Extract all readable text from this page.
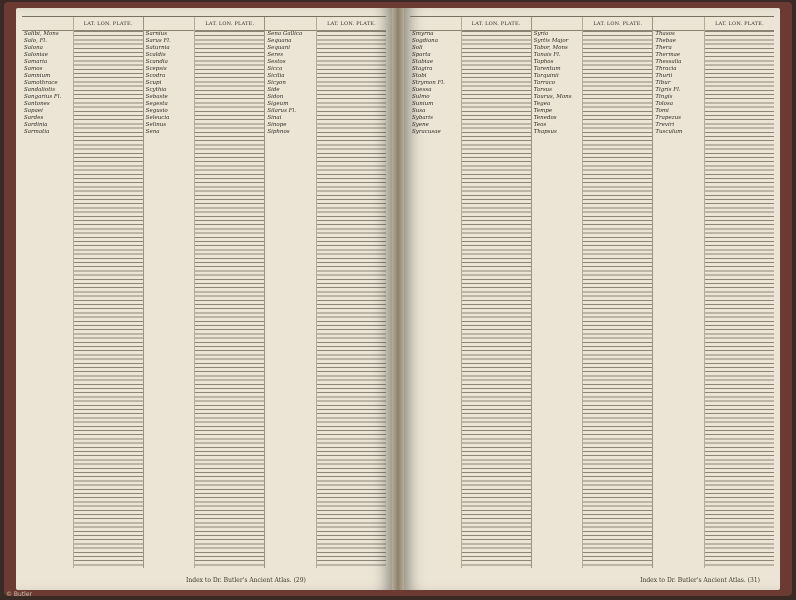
Salibi, Mons
Salo, Fl.
Salona
Saloniae
Samaria
Samos
Samnium
Samothrace
Sandaliotis
Sangarius Fl.
Santones
Sapaei
Sardes
Sardinia
Sarmatia
LAT. LON. PLATE.
Sarnius
Sarus Fl.
Saturnia
Scaldis
Scandia
Scepsis
Scodra
Scupi
Scythia
Sebaste
Segesta
Segusio
Seleucia
Selinus
Sena
LAT. LON. PLATE.
Sena Gallica
Sequana
Sequani
Seres
Sestos
Sicca
Sicilia
Sicyon
Side
Sidon
Sigeum
Silarus Fl.
Sinai
Sinope
Siphnos
LAT. LON. PLATE.
Index to Dr. Butler's Ancient Atlas. (29)
Smyrna
Sogdiana
Soli
Sparta
Stabiae
Stagira
Stobi
Strymon Fl.
Suessa
Sulmo
Sunium
Susa
Sybaris
Syene
Syracusae
LAT. LON. PLATE.
Syria
Syrtis Major
Tabor, Mons
Tanais Fl.
Taphos
Tarentum
Tarquinii
Tarraco
Tarsus
Taurus, Mons
Tegea
Tempe
Tenedos
Teos
Thapsus
LAT. LON. PLATE.
Thasos
Thebae
Thera
Thermae
Thessalia
Thracia
Thurii
Tibur
Tigris Fl.
Tingis
Tolosa
Tomi
Trapezus
Treviri
Tusculum
LAT. LON. PLATE.
Index to Dr. Butler's Ancient Atlas. (31)
© Butler
